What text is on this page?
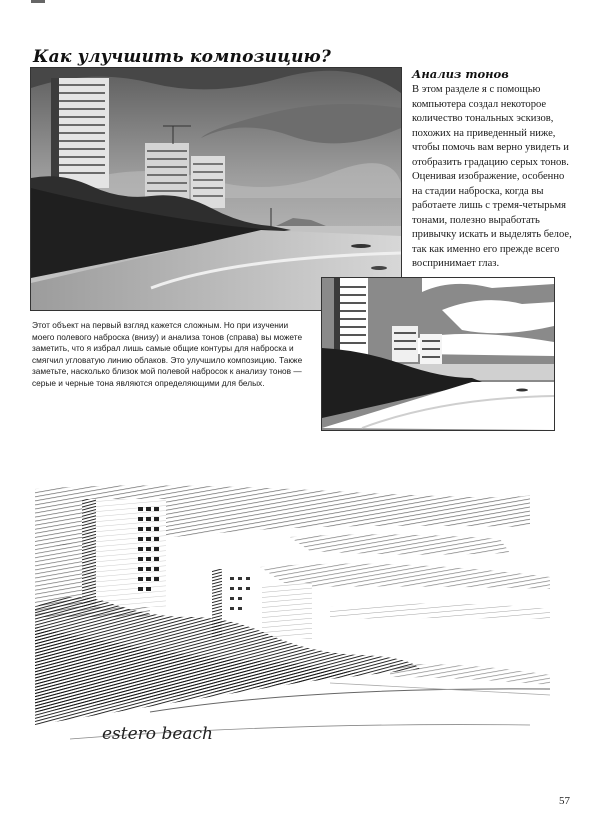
Как улучшить композицию?
Анализ тонов

В этом разделе я с помощью компьютера создал некоторое количество тональных эскизов, похожих на приведенный ниже, чтобы помочь вам верно увидеть и отобразить градацию серых тонов. Оценивая изображение, особенно на стадии наброска, когда вы работаете лишь с тремя-четырьмя тонами, полезно выработать привычку искать и выделять белое, так как именно его прежде всего воспринимает глаз.

Этот объект на первый взгляд кажется сложным. Но при изучении моего полевого наброска (внизу) и анализа тонов (справа) вы можете заметить, что я избрал лишь самые общие контуры для наброска и смягчил угловатую линию облаков. Это улучшило композицию. Также заметьте, насколько близок мой полевой набросок к анализу тонов — серые и черные тона являются определяющими для белых.

estero beach
57
